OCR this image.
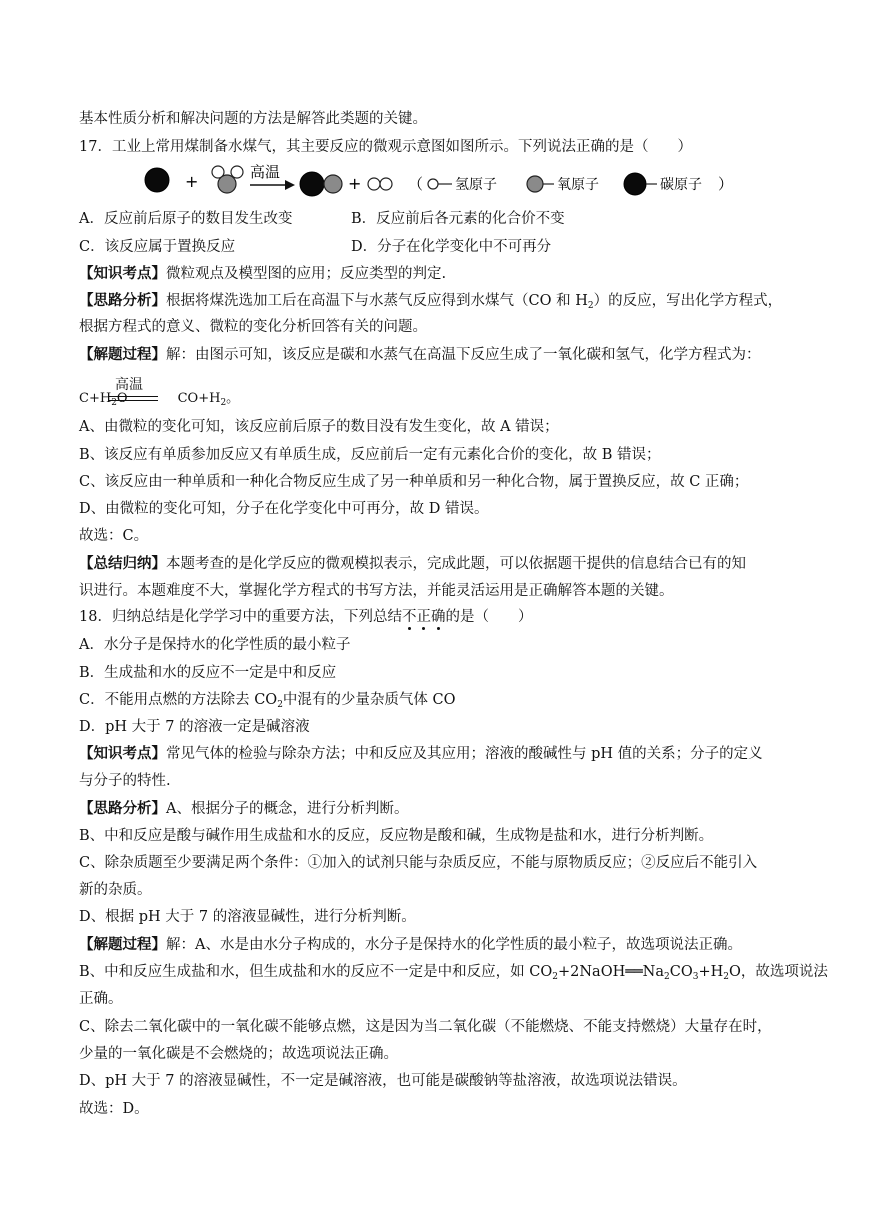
基本性质分析和解决问题的方法是解答此类题的关键。
17．工业上常用煤制备水煤气，其主要反应的微观示意图如图所示。下列说法正确的是（　　）
+	高温
+	（ 氢原子	氧原子	碳原子 ）
A．反应前后原子的数目发生改变	B．反应前后各元素的化合价不变
C．该反应属于置换反应	D．分子在化学变化中不可再分
【知识考点】微粒观点及模型图的应用；反应类型的判定.
【思路分析】根据将煤洗选加工后在高温下与水蒸气反应得到水煤气（CO 和 $H_2$）的反应，写出化学方程式，
根据方程式的意义、微粒的变化分析回答有关的问题。
【解题过程】解：由图示可知，该反应是碳和水蒸气在高温下反应生成了一氧化碳和氢气，化学方程式为：
高温
$C+H_2O$	$CO+H_2$。
A、由微粒的变化可知，该反应前后原子的数目没有发生变化，故 A 错误；
B、该反应有单质参加反应又有单质生成，反应前后一定有元素化合价的变化，故 B 错误；
C、该反应由一种单质和一种化合物反应生成了另一种单质和另一种化合物，属于置换反应，故 C 正确；
D、由微粒的变化可知，分子在化学变化中可再分，故 D 错误。
故选：C。
【总结归纳】本题考查的是化学反应的微观模拟表示，完成此题，可以依据题干提供的信息结合已有的知
识进行。本题难度不大，掌握化学方程式的书写方法，并能灵活运用是正确解答本题的关键。
18．归纳总结是化学学习中的重要方法，下列总结不正确的是（　　）
A．水分子是保持水的化学性质的最小粒子
B．生成盐和水的反应不一定是中和反应
C．不能用点燃的方法除去 $CO_2$中混有的少量杂质气体 CO
D．pH 大于 7 的溶液一定是碱溶液
【知识考点】常见气体的检验与除杂方法；中和反应及其应用；溶液的酸碱性与 pH 值的关系；分子的定义
与分子的特性.
【思路分析】A、根据分子的概念，进行分析判断。
B、中和反应是酸与碱作用生成盐和水的反应，反应物是酸和碱，生成物是盐和水，进行分析判断。
C、除杂质题至少要满足两个条件：①加入的试剂只能与杂质反应，不能与原物质反应；②反应后不能引入
新的杂质。
D、根据 pH 大于 7 的溶液显碱性，进行分析判断。
【解题过程】解：A、水是由水分子构成的，水分子是保持水的化学性质的最小粒子，故选项说法正确。
B、中和反应生成盐和水，但生成盐和水的反应不一定是中和反应，如 $CO_2+2NaOH══Na_2CO_3+H_2O$，故选项说法
正确。
C、除去二氧化碳中的一氧化碳不能够点燃，这是因为当二氧化碳（不能燃烧、不能支持燃烧）大量存在时，
少量的一氧化碳是不会燃烧的；故选项说法正确。
D、pH 大于 7 的溶液显碱性，不一定是碱溶液，也可能是碳酸钠等盐溶液，故选项说法错误。
故选：D。
